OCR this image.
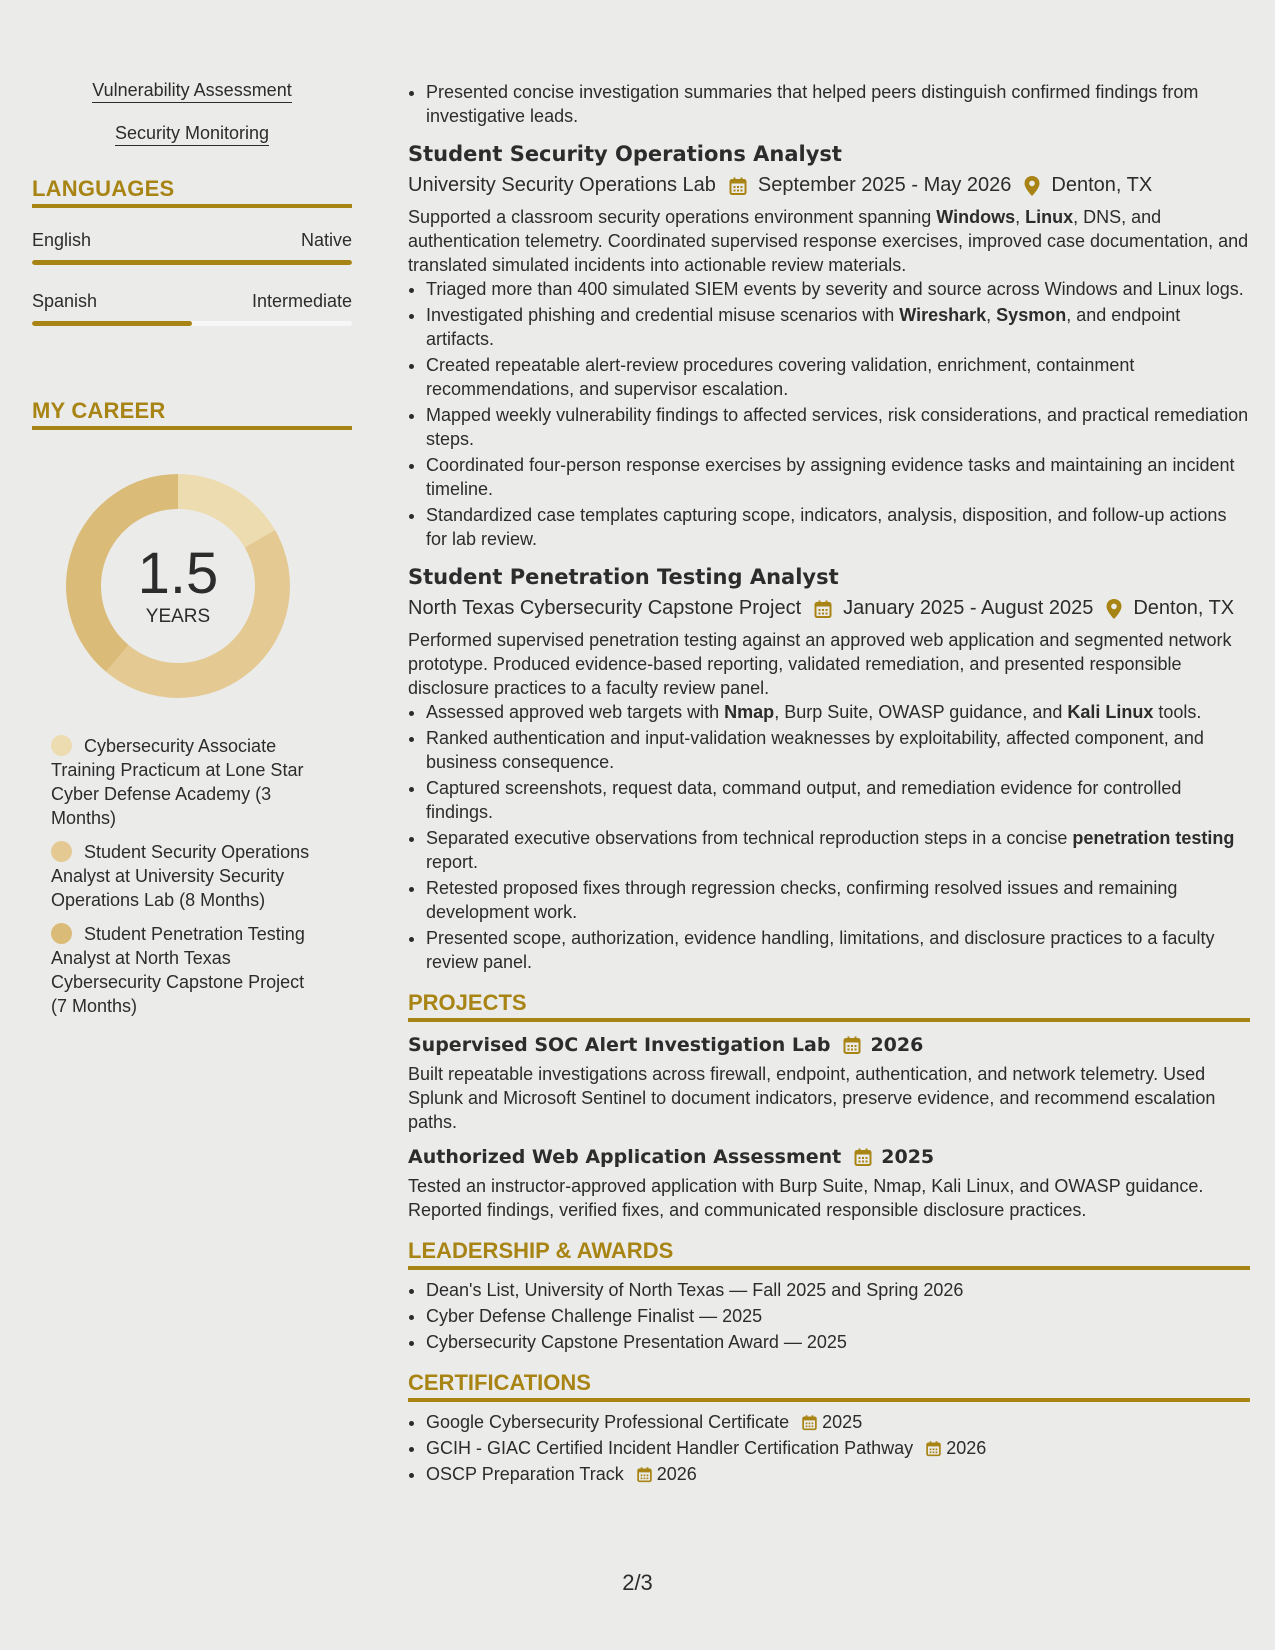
Vulnerability Assessment
Security Monitoring
LANGUAGES
English	Native
Spanish	Intermediate
MY CAREER
1.5
YEARS
Cybersecurity Associate Training Practicum at Lone Star Cyber Defense Academy (3 Months)
Student Security Operations Analyst at University Security Operations Lab (8 Months)
Student Penetration Testing Analyst at North Texas Cybersecurity Capstone Project (7 Months)
• Presented concise investigation summaries that helped peers distinguish confirmed findings from investigative leads.
Student Security Operations Analyst
University Security Operations Lab September 2025 - May 2026 Denton, TX
Supported a classroom security operations environment spanning Windows, Linux, DNS, and authentication telemetry. Coordinated supervised response exercises, improved case documentation, and translated simulated incidents into actionable review materials.
• Triaged more than 400 simulated SIEM events by severity and source across Windows and Linux logs.
• Investigated phishing and credential misuse scenarios with Wireshark, Sysmon, and endpoint artifacts.
• Created repeatable alert-review procedures covering validation, enrichment, containment recommendations, and supervisor escalation.
• Mapped weekly vulnerability findings to affected services, risk considerations, and practical remediation steps.
• Coordinated four-person response exercises by assigning evidence tasks and maintaining an incident timeline.
• Standardized case templates capturing scope, indicators, analysis, disposition, and follow-up actions for lab review.
Student Penetration Testing Analyst
North Texas Cybersecurity Capstone Project January 2025 - August 2025 Denton, TX
Performed supervised penetration testing against an approved web application and segmented network prototype. Produced evidence-based reporting, validated remediation, and presented responsible disclosure practices to a faculty review panel.
• Assessed approved web targets with Nmap, Burp Suite, OWASP guidance, and Kali Linux tools.
• Ranked authentication and input-validation weaknesses by exploitability, affected component, and business consequence.
• Captured screenshots, request data, command output, and remediation evidence for controlled findings.
• Separated executive observations from technical reproduction steps in a concise penetration testing report.
• Retested proposed fixes through regression checks, confirming resolved issues and remaining development work.
• Presented scope, authorization, evidence handling, limitations, and disclosure practices to a faculty review panel.
PROJECTS
Supervised SOC Alert Investigation Lab 2026
Built repeatable investigations across firewall, endpoint, authentication, and network telemetry. Used Splunk and Microsoft Sentinel to document indicators, preserve evidence, and recommend escalation paths.
Authorized Web Application Assessment 2025
Tested an instructor-approved application with Burp Suite, Nmap, Kali Linux, and OWASP guidance. Reported findings, verified fixes, and communicated responsible disclosure practices.
LEADERSHIP & AWARDS
• Dean's List, University of North Texas — Fall 2025 and Spring 2026
• Cyber Defense Challenge Finalist — 2025
• Cybersecurity Capstone Presentation Award — 2025
CERTIFICATIONS
• Google Cybersecurity Professional Certificate 2025
• GCIH - GIAC Certified Incident Handler Certification Pathway 2026
• OSCP Preparation Track 2026
2/3
